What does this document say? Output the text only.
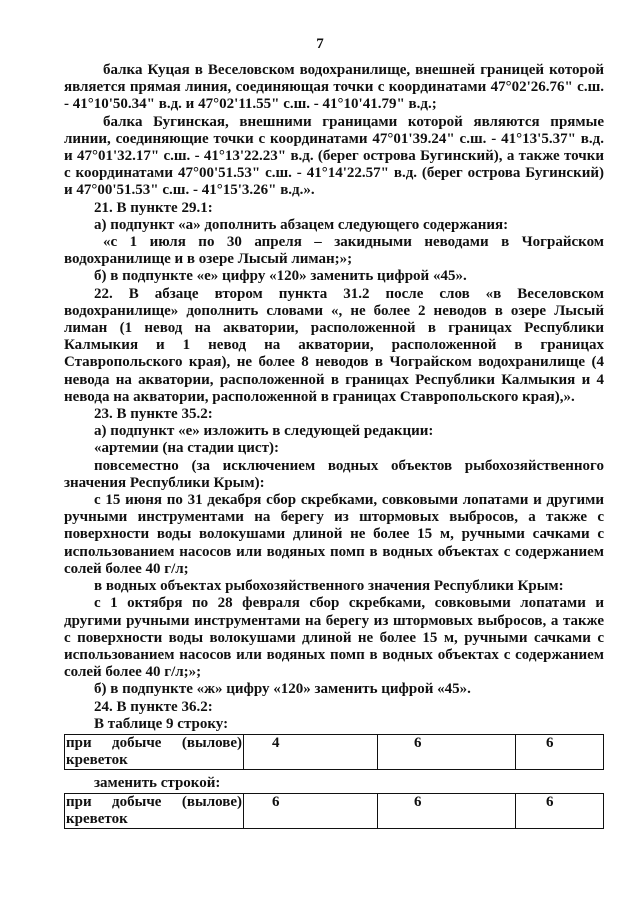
7

балка Куцая в Веселовском водохранилище, внешней границей которой является прямая линия, соединяющая точки с координатами 47°02'26.76" с.ш. - 41°10'50.34" в.д. и 47°02'11.55" с.ш. - 41°10'41.79" в.д.;

балка Бугинская, внешними границами которой являются прямые линии, соединяющие точки с координатами 47°01'39.24" с.ш. - 41°13'5.37" в.д. и 47°01'32.17" с.ш. - 41°13'22.23" в.д. (берег острова Бугинский), а также точки с координатами 47°00'51.53" с.ш. - 41°14'22.57" в.д. (берег острова Бугинский) и 47°00'51.53" с.ш. - 41°15'3.26" в.д.».

21. В пункте 29.1:

а) подпункт «а» дополнить абзацем следующего содержания:

«с 1 июля по 30 апреля – закидными неводами в Чограйском водохранилище и в озере Лысый лиман;»;

б) в подпункте «е» цифру «120» заменить цифрой «45».

22. В абзаце втором пункта 31.2 после слов «в Веселовском водохранилище» дополнить словами «, не более 2 неводов в озере Лысый лиман (1 невод на акватории, расположенной в границах Республики Калмыкия и 1 невод на акватории, расположенной в границах Ставропольского края), не более 8 неводов в Чограйском водохранилище (4 невода на акватории, расположенной в границах Республики Калмыкия и 4 невода на акватории, расположенной в границах Ставропольского края),».

23. В пункте 35.2:

а) подпункт «е» изложить в следующей редакции:

«артемии (на стадии цист):

повсеместно (за исключением водных объектов рыбохозяйственного значения Республики Крым):

с 15 июня по 31 декабря сбор скребками, совковыми лопатами и другими ручными инструментами на берегу из штормовых выбросов, а также с поверхности воды волокушами длиной не более 15 м, ручными сачками с использованием насосов или водяных помп в водных объектах с содержанием солей более 40 г/л;

в водных объектах рыбохозяйственного значения Республики Крым:

с 1 октября по 28 февраля сбор скребками, совковыми лопатами и другими ручными инструментами на берегу из штормовых выбросов, а также с поверхности воды волокушами длиной не более 15 м, ручными сачками с использованием насосов или водяных помп в водных объектах с содержанием солей более 40 г/л;»;

б) в подпункте «ж» цифру «120» заменить цифрой «45».

24. В пункте 36.2:

В таблице 9 строку:

при добыче (вылове)
креветок	4	6	6

заменить строкой:

при добыче (вылове)
креветок	6	6	6
